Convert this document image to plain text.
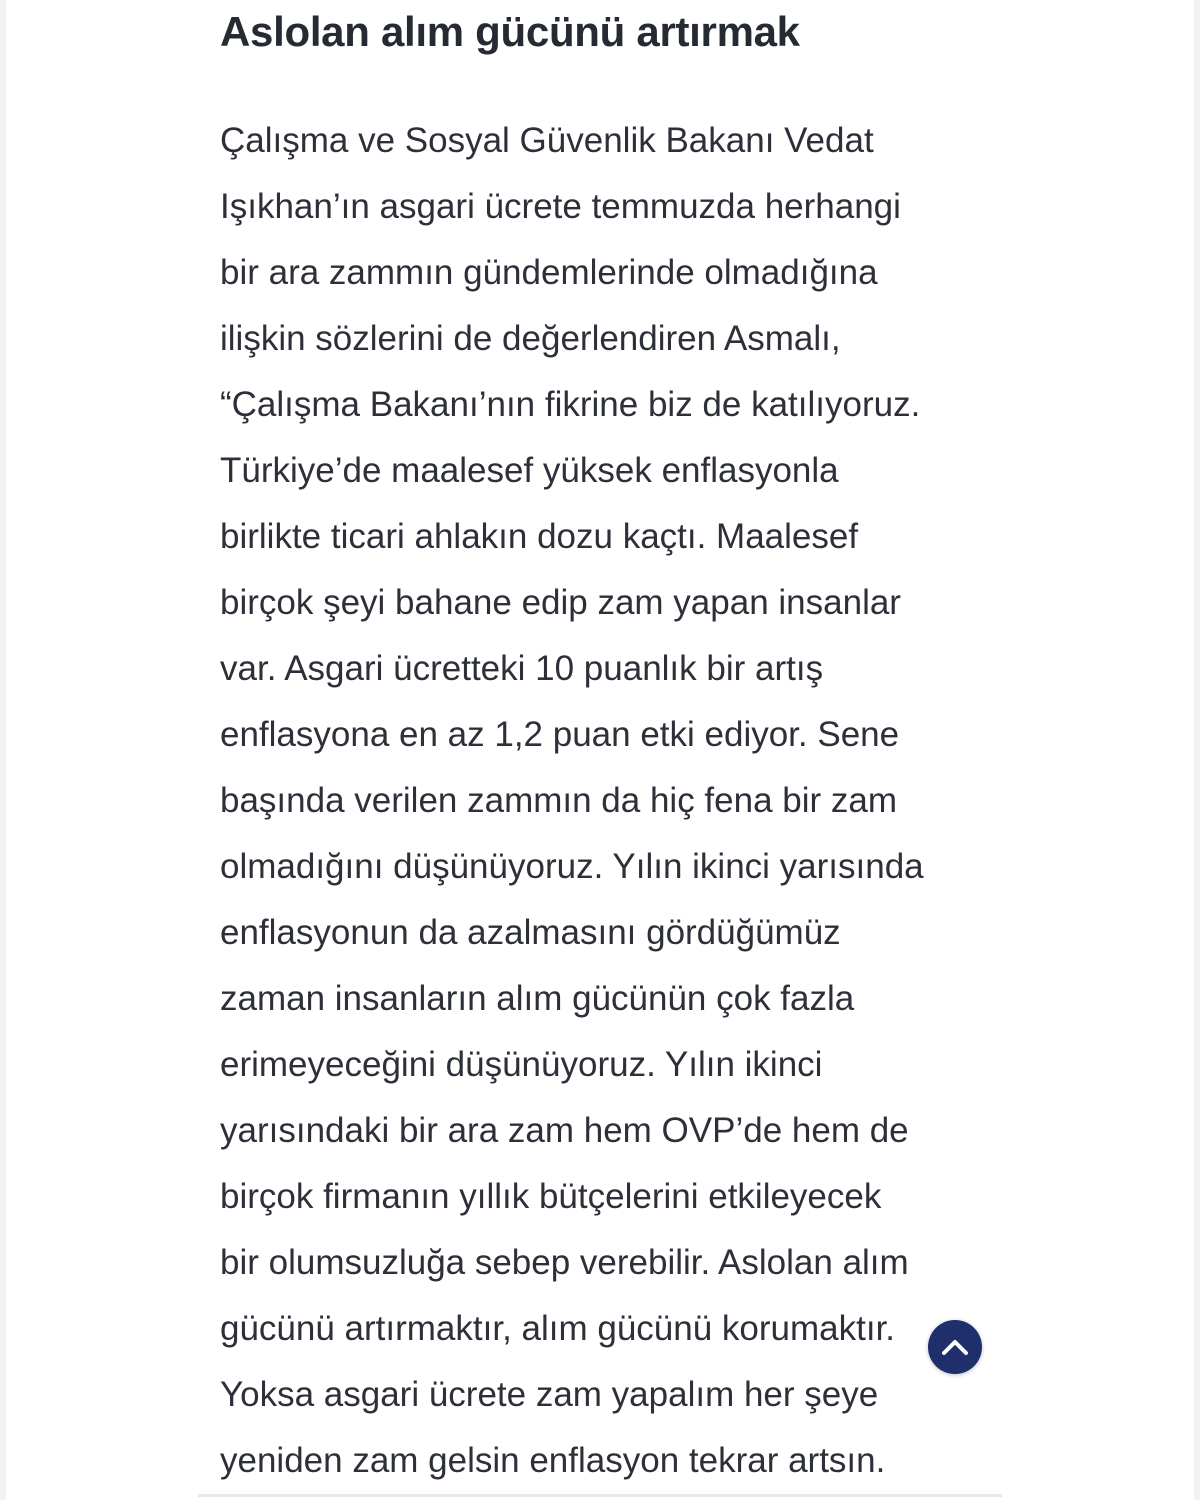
Aslolan alım gücünü artırmak

Çalışma ve Sosyal Güvenlik Bakanı Vedat
Işıkhan’ın asgari ücrete temmuzda herhangi
bir ara zammın gündemlerinde olmadığına
ilişkin sözlerini de değerlendiren Asmalı,
“Çalışma Bakanı’nın fikrine biz de katılıyoruz.
Türkiye’de maalesef yüksek enflasyonla
birlikte ticari ahlakın dozu kaçtı. Maalesef
birçok şeyi bahane edip zam yapan insanlar
var. Asgari ücretteki 10 puanlık bir artış
enflasyona en az 1,2 puan etki ediyor. Sene
başında verilen zammın da hiç fena bir zam
olmadığını düşünüyoruz. Yılın ikinci yarısında
enflasyonun da azalmasını gördüğümüz
zaman insanların alım gücünün çok fazla
erimeyeceğini düşünüyoruz. Yılın ikinci
yarısındaki bir ara zam hem OVP’de hem de
birçok firmanın yıllık bütçelerini etkileyecek
bir olumsuzluğa sebep verebilir. Aslolan alım
gücünü artırmaktır, alım gücünü korumaktır.
Yoksa asgari ücrete zam yapalım her şeye
yeniden zam gelsin enflasyon tekrar artsın.
